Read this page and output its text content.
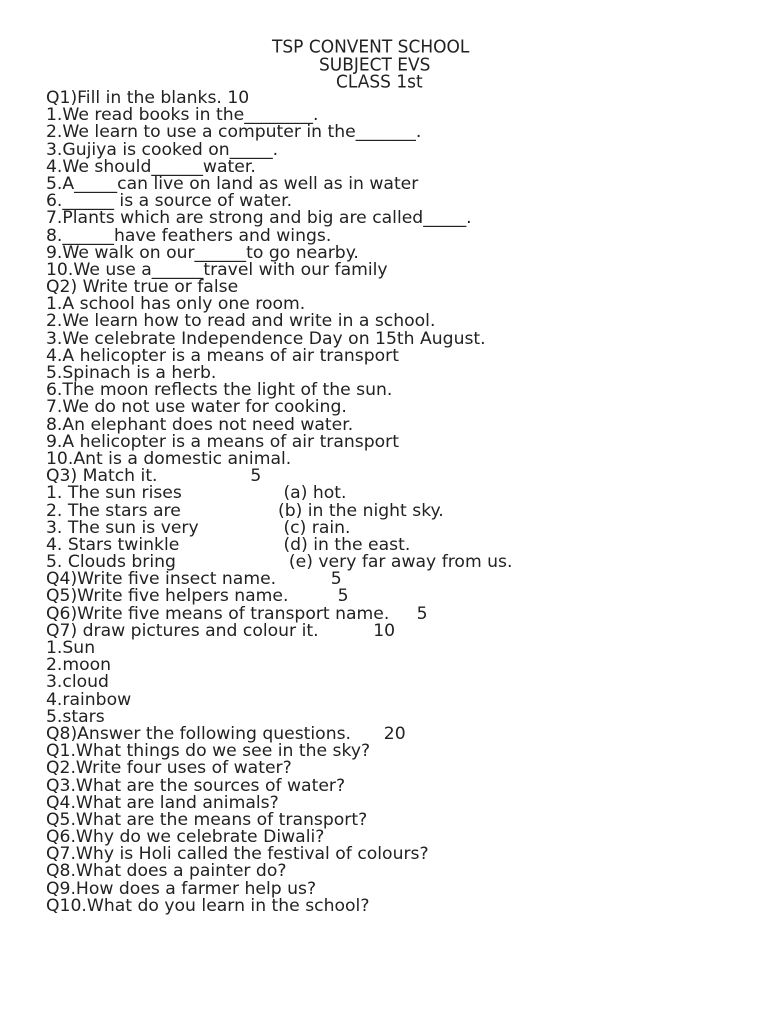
TSP CONVENT SCHOOL
SUBJECT EVS
CLASS 1st
Q1)Fill in the blanks. 10
1.We read books in the________.
2.We learn to use a computer in the_______.
3.Gujiya is cooked on_____.
4.We should______water.
5.A_____can live on land as well as in water
6.______ is a source of water.
7.Plants which are strong and big are called_____.
8.______have feathers and wings.
9.We walk on our______to go nearby.
10.We use a______travel with our family
Q2) Write true or false
1.A school has only one room.
2.We learn how to read and write in a school.
3.We celebrate Independence Day on 15th August.
4.A helicopter is a means of air transport
5.Spinach is a herb.
6.The moon reflects the light of the sun.
7.We do not use water for cooking.
8.An elephant does not need water.
9.A helicopter is a means of air transport
10.Ant is a domestic animal.
Q3) Match it.                 5
1. The sun rises	(a) hot.
2. The stars are	(b) in the night sky.
3. The sun is very	(c) rain.
4. Stars twinkle	(d) in the east.
5. Clouds bring	(e) very far away from us.
Q4)Write five insect name.          5
Q5)Write five helpers name.         5
Q6)Write five means of transport name.     5
Q7) draw pictures and colour it.          10
1.Sun
2.moon
3.cloud
4.rainbow
5.stars
Q8)Answer the following questions.      20
Q1.What things do we see in the sky?
Q2.Write four uses of water?
Q3.What are the sources of water?
Q4.What are land animals?
Q5.What are the means of transport?
Q6.Why do we celebrate Diwali?
Q7.Why is Holi called the festival of colours?
Q8.What does a painter do?
Q9.How does a farmer help us?
Q10.What do you learn in the school?
